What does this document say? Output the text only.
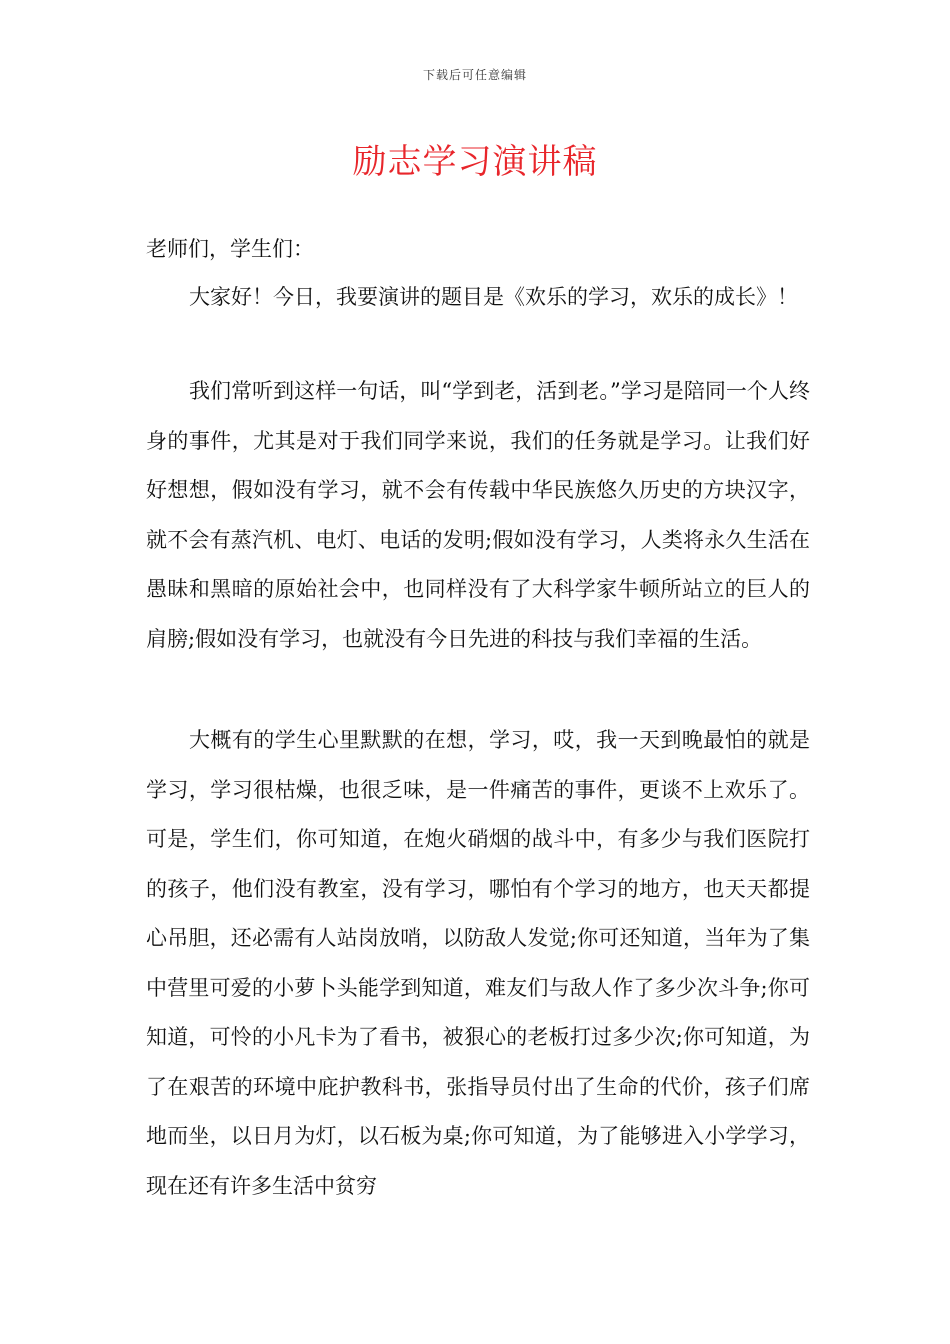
下载后可任意编辑
励志学习演讲稿

老师们，学生们：

大家好！今日，我要演讲的题目是《欢乐的学习，欢乐的成长》！

我们常听到这样一句话，叫“学到老，活到老。”学习是陪同一个人终身的事件，尤其是对于我们同学来说，我们的任务就是学习。让我们好好想想，假如没有学习，就不会有传载中华民族悠久历史的方块汉字，就不会有蒸汽机、电灯、电话的发明;假如没有学习，人类将永久生活在愚昧和黑暗的原始社会中，也同样没有了大科学家牛顿所站立的巨人的肩膀;假如没有学习，也就没有今日先进的科技与我们幸福的生活。

大概有的学生心里默默的在想，学习，哎，我一天到晚最怕的就是学习，学习很枯燥，也很乏味，是一件痛苦的事件，更谈不上欢乐了。可是，学生们，你可知道，在炮火硝烟的战斗中，有多少与我们医院打的孩子，他们没有教室，没有学习，哪怕有个学习的地方，也天天都提心吊胆，还必需有人站岗放哨，以防敌人发觉;你可还知道，当年为了集中营里可爱的小萝卜头能学到知道，难友们与敌人作了多少次斗争;你可知道，可怜的小凡卡为了看书，被狠心的老板打过多少次;你可知道，为了在艰苦的环境中庇护教科书，张指导员付出了生命的代价，孩子们席地而坐，以日月为灯，以石板为桌;你可知道，为了能够进入小学学习，现在还有许多生活中贫穷
